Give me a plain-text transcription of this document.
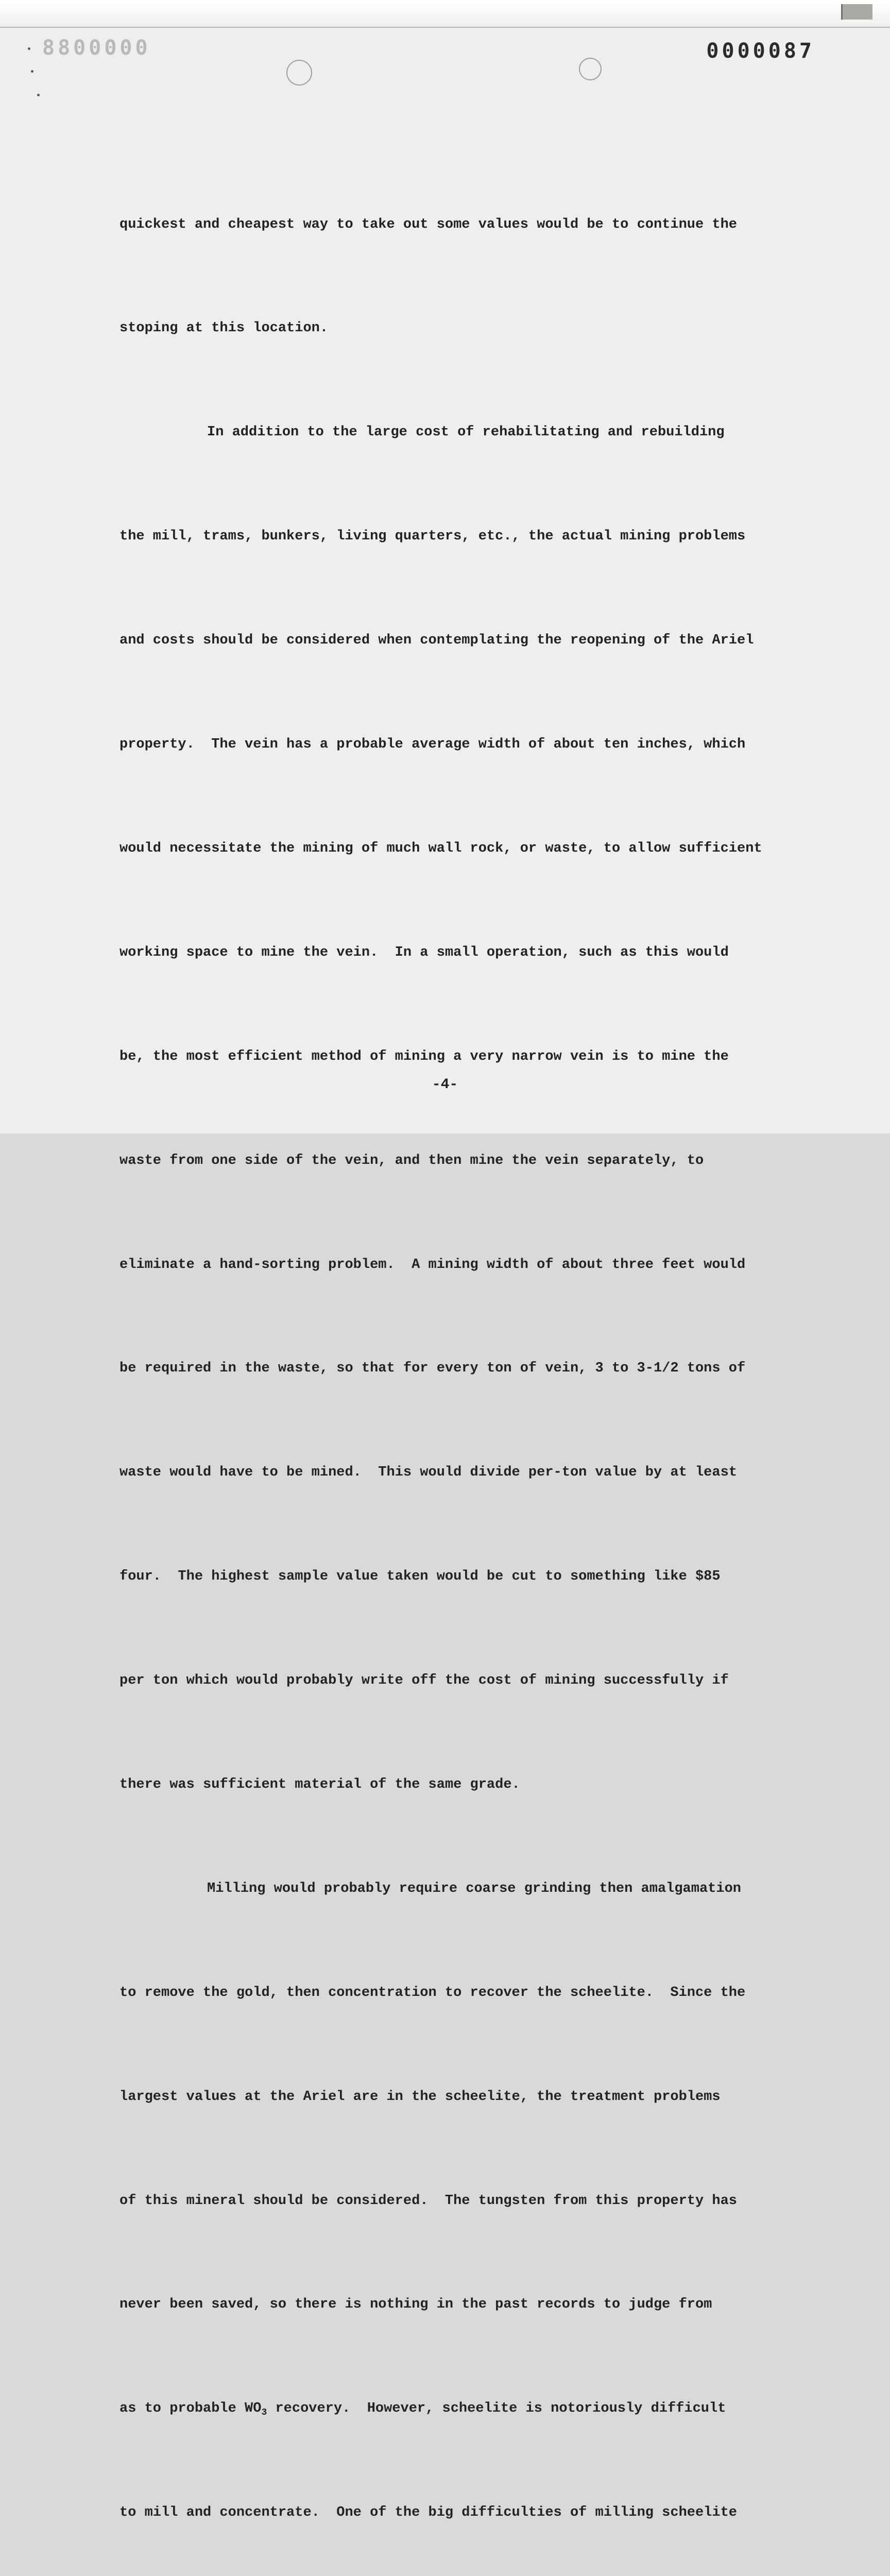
8800000	0000087

quickest and cheapest way to take out some values would be to continue the

stoping at this location.

In addition to the large cost of rehabilitating and rebuilding

the mill, trams, bunkers, living quarters, etc., the actual mining problems

and costs should be considered when contemplating the reopening of the Ariel

property.  The vein has a probable average width of about ten inches, which

would necessitate the mining of much wall rock, or waste, to allow sufficient

working space to mine the vein.  In a small operation, such as this would

be, the most efficient method of mining a very narrow vein is to mine the

waste from one side of the vein, and then mine the vein separately, to

eliminate a hand-sorting problem.  A mining width of about three feet would

be required in the waste, so that for every ton of vein, 3 to 3-1/2 tons of

waste would have to be mined.  This would divide per-ton value by at least

four.  The highest sample value taken would be cut to something like $85

per ton which would probably write off the cost of mining successfully if

there was sufficient material of the same grade.

Milling would probably require coarse grinding then amalgamation

to remove the gold, then concentration to recover the scheelite.  Since the

largest values at the Ariel are in the scheelite, the treatment problems

of this mineral should be considered.  The tungsten from this property has

never been saved, so there is nothing in the past records to judge from

as to probable $WO_3$ recovery.  However, scheelite is notoriously difficult

to mill and concentrate.  One of the big difficulties of milling scheelite

-4-
